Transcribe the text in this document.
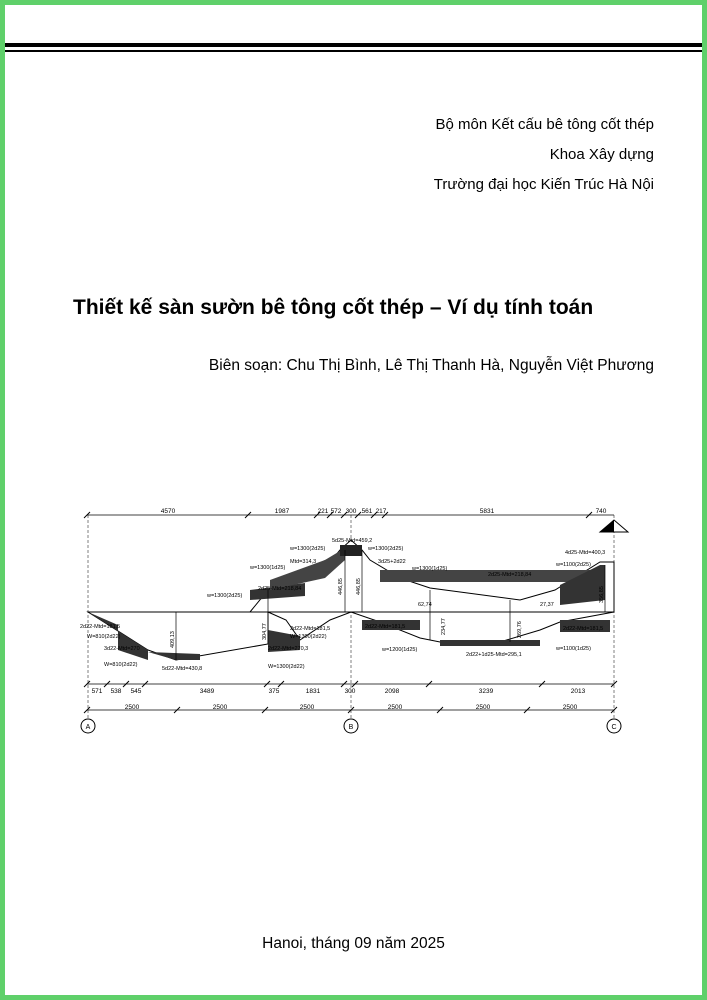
Bộ môn Kết cấu bê tông cốt thép
Khoa Xây dựng
Trường đại học Kiến Trúc Hà Nội
Thiết kế sàn sườn bê tông cốt thép – Ví dụ tính toán
Biên soạn: Chu Thị Bình, Lê Thị Thanh Hà, Nguyễn Việt Phương
A	B	C
4570	1987	221 572 300 561 217	5831	740
571 538 545	3489	375	1831	300	2098	3239	2013
2500	2500	2500	2500	2500	2500
w=1300(2d25)
5d25-Mtd=459,2
w=1300(2d25)
w=1300(1d25)
Mtd=314,3	3d25+2d22
w=1300(1d25)
4d25-Mtd=400,3
w=1100(2d25)
2d25-Mtd=218,84
w=1300(2d25)
2d25-Mtd=218,84
62,74	27,37
2d22-Mtd=181,5
W=810(2d22)
2d22-Mtd=181,5
W=1300(2d22)
2d22-Mtd=181,5	2d22-Mtd=181,5
3d22-Mtd=270	2d22-Mtd=270,3
W=810(2d22)
w=1200(1d25)
2d22+1d25-Mtd=295,1
w=1100(1d25)
5d22-Mtd=430,8	W=1300(2d22)
446,85 446,85	356,85
409,13	304,77	234,77	269,76
Hanoi, tháng 09 năm 2025
